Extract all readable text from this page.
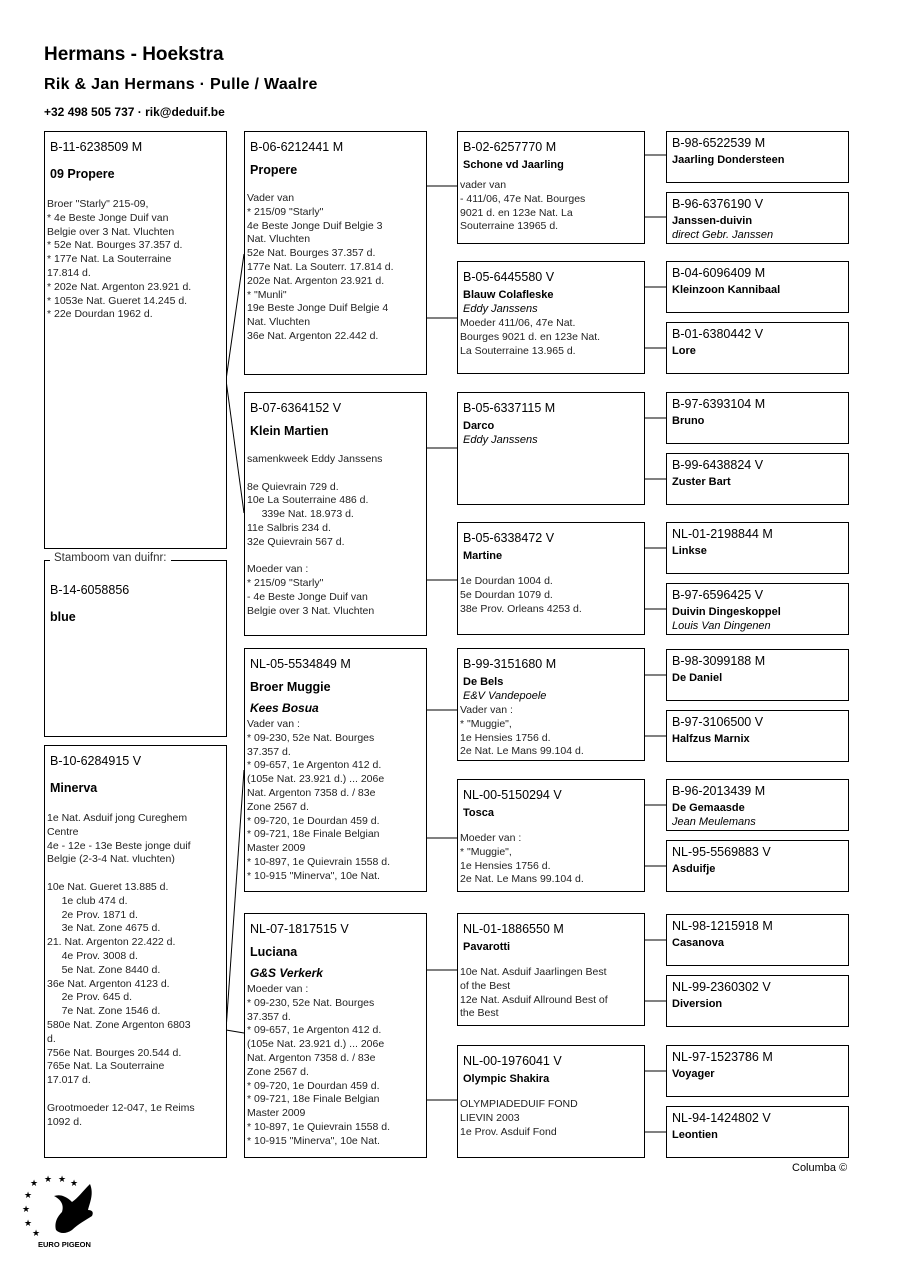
Hermans - Hoekstra
Rik & Jan Hermans · Pulle / Waalre
+32 498 505 737 · rik@deduif.be
B-11-6238509 M
09 Propere
Broer "Starly" 215-09,
* 4e Beste Jonge Duif van
Belgie over 3 Nat. Vluchten
* 52e Nat. Bourges 37.357 d.
* 177e Nat. La Souterraine
17.814 d.
* 202e Nat. Argenton 23.921 d.
* 1053e Nat. Gueret 14.245 d.
* 22e Dourdan 1962 d.
B-14-6058856
blue
Stamboom van duifnr:
B-10-6284915 V
Minerva
1e Nat. Asduif jong Cureghem
Centre
4e - 12e - 13e Beste jonge duif
Belgie (2-3-4 Nat. vluchten)

10e Nat. Gueret 13.885 d.
1e club 474 d.
2e Prov. 1871 d.
3e Nat. Zone 4675 d.
21. Nat. Argenton 22.422 d.
4e Prov. 3008 d.
5e Nat. Zone 8440 d.
36e Nat. Argenton 4123 d.
2e Prov. 645 d.
7e Nat. Zone 1546 d.
580e Nat. Zone Argenton 6803
d.
756e Nat. Bourges 20.544 d.
765e Nat. La Souterraine
17.017 d.

Grootmoeder 12-047, 1e Reims
1092 d.
B-06-6212441 M
Propere
Vader van
* 215/09 "Starly"
4e Beste Jonge Duif Belgie 3
Nat. Vluchten
52e Nat. Bourges 37.357 d.
177e Nat. La Souterr. 17.814 d.
202e Nat. Argenton 23.921 d.
* "Munli"
19e Beste Jonge Duif Belgie 4
Nat. Vluchten
36e Nat. Argenton 22.442 d.
B-07-6364152 V
Klein Martien
samenkweek Eddy Janssens

8e Quievrain 729 d.
10e La Souterraine 486 d.
339e Nat. 18.973 d.
11e Salbris 234 d.
32e Quievrain 567 d.

Moeder van :
* 215/09 "Starly"
- 4e Beste Jonge Duif van
Belgie over 3 Nat. Vluchten
NL-05-5534849 M
Broer Muggie
Kees Bosua
Vader van :
* 09-230, 52e Nat. Bourges
37.357 d.
* 09-657, 1e Argenton 412 d.
(105e Nat. 23.921 d.) ... 206e
Nat. Argenton 7358 d. / 83e
Zone 2567 d.
* 09-720, 1e Dourdan 459 d.
* 09-721, 18e Finale Belgian
Master 2009
* 10-897, 1e Quievrain 1558 d.
* 10-915 "Minerva", 10e Nat.
NL-07-1817515 V
Luciana
G&S Verkerk
Moeder van :
* 09-230, 52e Nat. Bourges
37.357 d.
* 09-657, 1e Argenton 412 d.
(105e Nat. 23.921 d.) ... 206e
Nat. Argenton 7358 d. / 83e
Zone 2567 d.
* 09-720, 1e Dourdan 459 d.
* 09-721, 18e Finale Belgian
Master 2009
* 10-897, 1e Quievrain 1558 d.
* 10-915 "Minerva", 10e Nat.
B-02-6257770 M
Schone vd Jaarling
vader van
- 411/06, 47e Nat. Bourges
9021 d. en 123e Nat. La
Souterraine 13965 d.
B-05-6445580 V
Blauw Colafleske
Eddy Janssens
Moeder 411/06, 47e Nat.
Bourges 9021 d. en 123e Nat.
La Souterraine 13.965 d.
B-05-6337115 M
Darco
Eddy Janssens
B-05-6338472 V
Martine
1e Dourdan 1004 d.
5e Dourdan 1079 d.
38e Prov. Orleans 4253 d.
B-99-3151680 M
De Bels
E&V Vandepoele
Vader van :
* "Muggie",
1e Hensies 1756 d.
2e Nat. Le Mans 99.104 d.
NL-00-5150294 V
Tosca
Moeder van :
* "Muggie",
1e Hensies 1756 d.
2e Nat. Le Mans 99.104 d.
NL-01-1886550 M
Pavarotti
10e Nat. Asduif Jaarlingen Best
of the Best
12e Nat. Asduif Allround Best of
the Best
NL-00-1976041 V
Olympic Shakira
OLYMPIADEDUIF FOND
LIEVIN 2003
1e Prov. Asduif Fond
B-98-6522539 M
Jaarling Dondersteen
B-96-6376190 V
Janssen-duivin
direct Gebr. Janssen
B-04-6096409 M
Kleinzoon Kannibaal
B-01-6380442 V
Lore
B-97-6393104 M
Bruno
B-99-6438824 V
Zuster Bart
NL-01-2198844 M
Linkse
B-97-6596425 V
Duivin Dingeskoppel
Louis Van Dingenen
B-98-3099188 M
De Daniel
B-97-3106500 V
Halfzus Marnix
B-96-2013439 M
De Gemaasde
Jean Meulemans
NL-95-5569883 V
Asduifje
NL-98-1215918 M
Casanova
NL-99-2360302 V
Diversion
NL-97-1523786 M
Voyager
NL-94-1424802 V
Leontien
Columba ©
★ ★ ★ ★
★
★
★
★
EURO PIGEON
